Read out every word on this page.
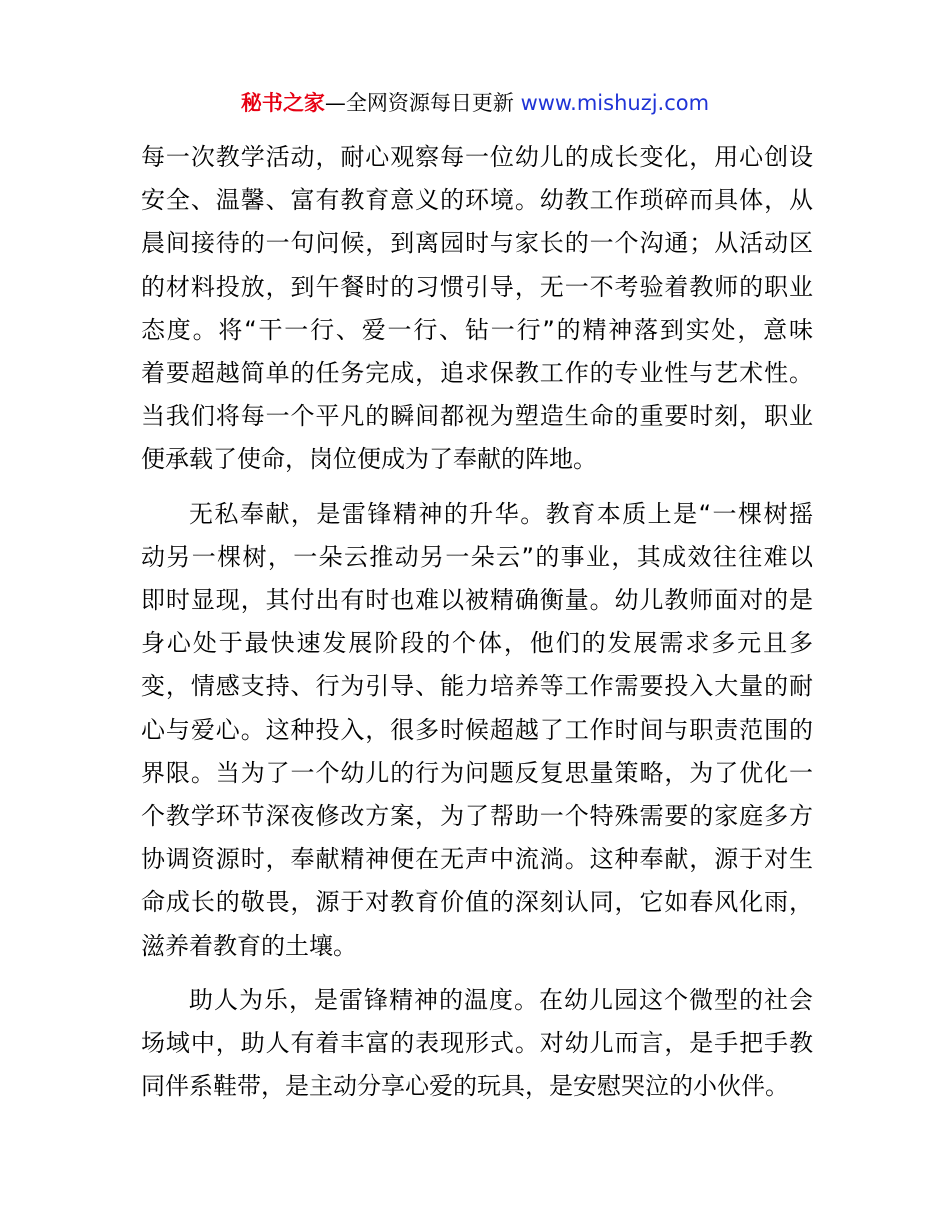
秘书之家—全网资源每日更新 www.mishuzj.com

每一次教学活动，耐心观察每一位幼儿的成长变化，用心创设
安全、温馨、富有教育意义的环境。幼教工作琐碎而具体，从
晨间接待的一句问候，到离园时与家长的一个沟通；从活动区
的材料投放，到午餐时的习惯引导，无一不考验着教师的职业
态度。将“干一行、爱一行、钻一行”的精神落到实处，意味
着要超越简单的任务完成，追求保教工作的专业性与艺术性。
当我们将每一个平凡的瞬间都视为塑造生命的重要时刻，职业
便承载了使命，岗位便成为了奉献的阵地。

无私奉献，是雷锋精神的升华。教育本质上是“一棵树摇
动另一棵树，一朵云推动另一朵云”的事业，其成效往往难以
即时显现，其付出有时也难以被精确衡量。幼儿教师面对的是
身心处于最快速发展阶段的个体，他们的发展需求多元且多
变，情感支持、行为引导、能力培养等工作需要投入大量的耐
心与爱心。这种投入，很多时候超越了工作时间与职责范围的
界限。当为了一个幼儿的行为问题反复思量策略，为了优化一
个教学环节深夜修改方案，为了帮助一个特殊需要的家庭多方
协调资源时，奉献精神便在无声中流淌。这种奉献，源于对生
命成长的敬畏，源于对教育价值的深刻认同，它如春风化雨，
滋养着教育的土壤。

助人为乐，是雷锋精神的温度。在幼儿园这个微型的社会
场域中，助人有着丰富的表现形式。对幼儿而言，是手把手教
同伴系鞋带，是主动分享心爱的玩具，是安慰哭泣的小伙伴。
